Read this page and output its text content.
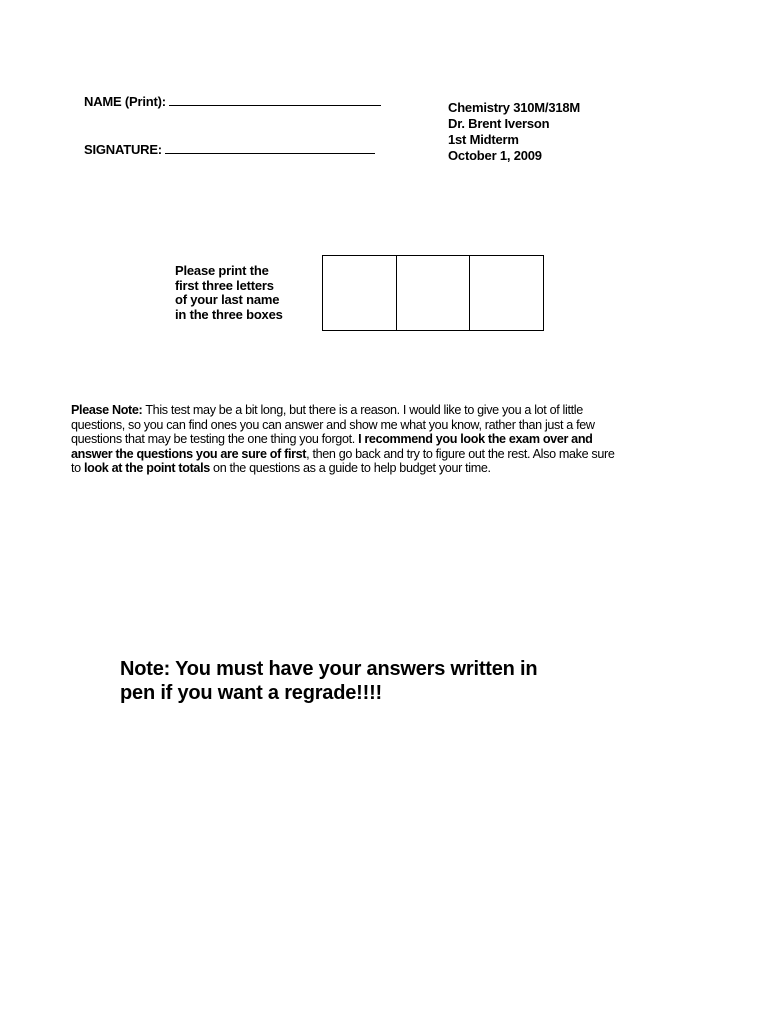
NAME (Print):
SIGNATURE:
Chemistry 310M/318M
Dr. Brent Iverson
1st Midterm
October 1, 2009
Please print the
first three letters
of your last name
in the three boxes
Please Note: This test may be a bit long, but there is a reason. I would like to give you a lot of little questions, so you can find ones you can answer and show me what you know, rather than just a few questions that may be testing the one thing you forgot. I recommend you look the exam over and answer the questions you are sure of first, then go back and try to figure out the rest. Also make sure to look at the point totals on the questions as a guide to help budget your time.
Note: You must have your answers written in
pen if you want a regrade!!!!
